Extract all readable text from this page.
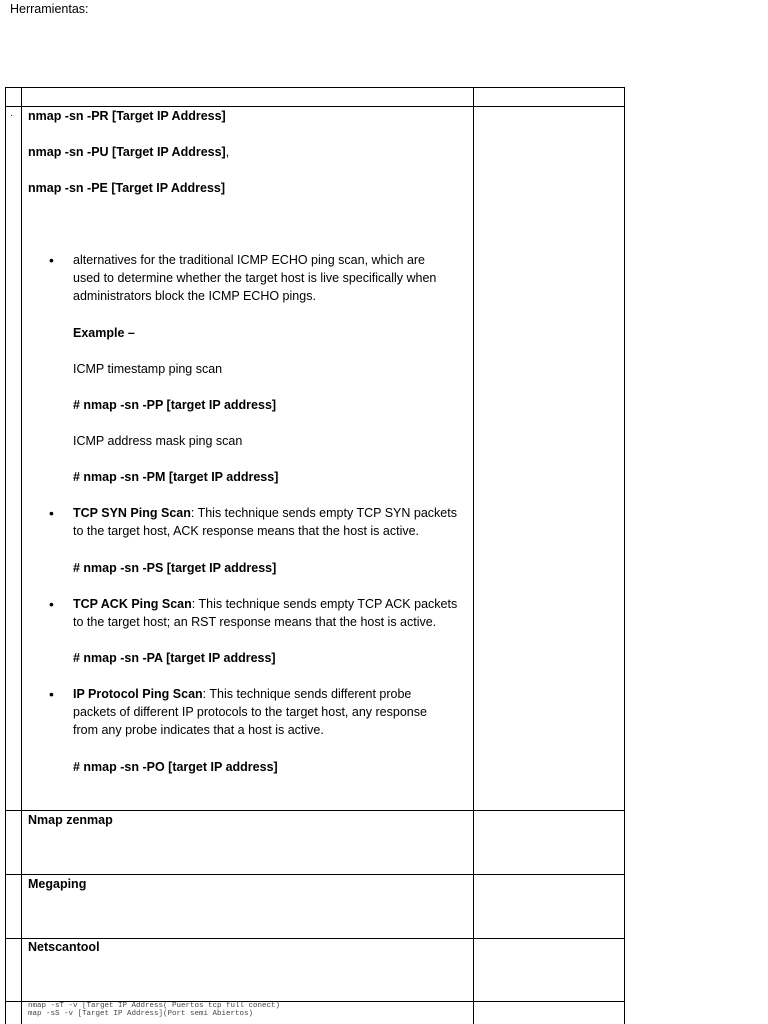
Herramientas:
· nmap -sn -PR [Target IP Address]
nmap -sn -PU [Target IP Address],
nmap -sn -PE [Target IP Address]
• alternatives for the traditional ICMP ECHO ping scan, which are
used to determine whether the target host is live specifically when
administrators block the ICMP ECHO pings.
Example –
ICMP timestamp ping scan
# nmap -sn -PP [target IP address]
ICMP address mask ping scan
# nmap -sn -PM [target IP address]
• TCP SYN Ping Scan: This technique sends empty TCP SYN packets
to the target host, ACK response means that the host is active.
# nmap -sn -PS [target IP address]
• TCP ACK Ping Scan: This technique sends empty TCP ACK packets
to the target host; an RST response means that the host is active.
# nmap -sn -PA [target IP address]
• IP Protocol Ping Scan: This technique sends different probe
packets of different IP protocols to the target host, any response
from any probe indicates that a host is active.
# nmap -sn -PO [target IP address]
Nmap zenmap
Megaping
Netscantool
nmap -sT -v [Target IP Address( Puertos tcp full conect)
map -sS -v [Target IP Address](Port semi Abiertos)
